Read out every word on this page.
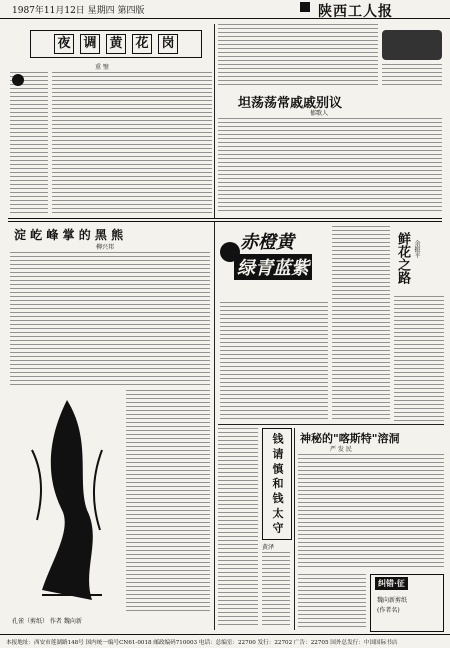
1987年11月12日 星期四 第四版	陕西工人报
夜 调 黄 花 岗
重 璧
坦荡荡常戚戚别议
郁歌人
淀 屹 峰 掌 的 黑 熊
柳兴邦
孔雀（剪纸） 作者 魏向新
赤橙黄
绿青蓝紫	鲜花之路 余振平
钱 请 慎 和 钱 太 守
黄泽
神秘的"喀斯特"溶洞
严 发 民
纠错·征
魏向新剪纸
(作者名)
本报地址：西安市莲湖路148号 国内统一编号CN61-0018 邮政编码710003 电话：总编室：22700 发行：22702 广告：22705 国外总发行：中国国际书店
